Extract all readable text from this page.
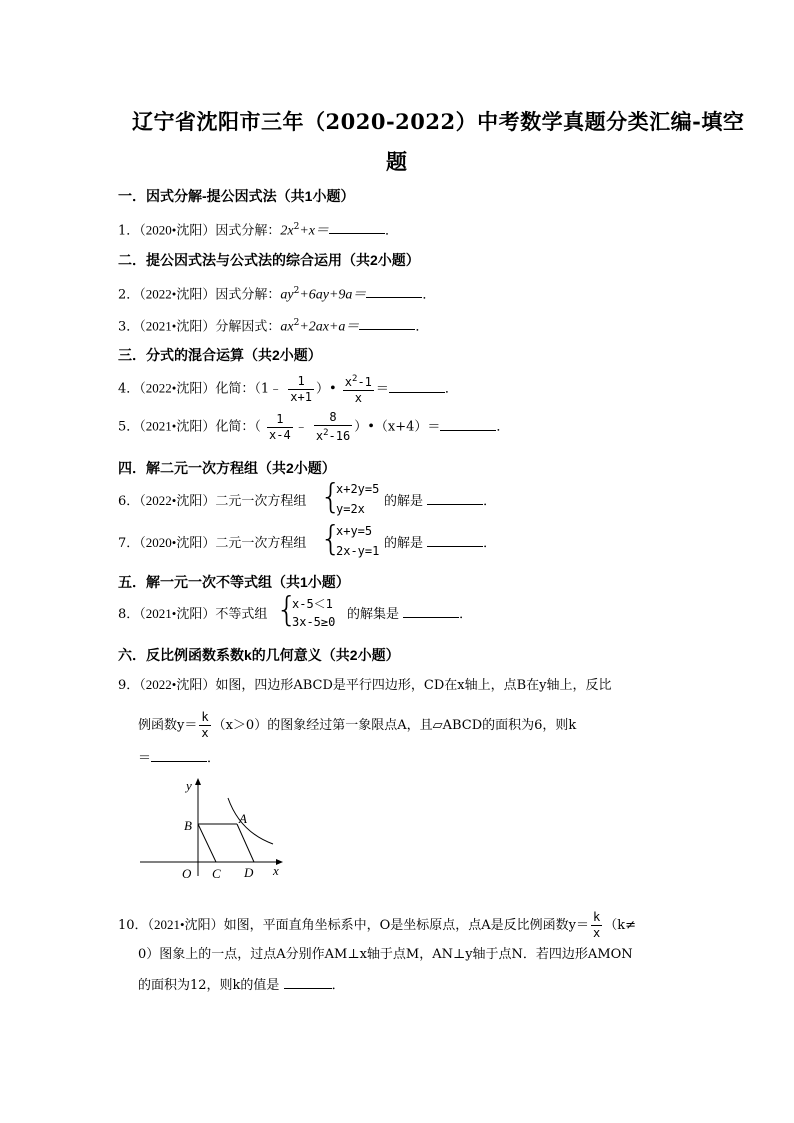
辽宁省沈阳市三年（2020-2022）中考数学真题分类汇编-填空
题
一．因式分解-提公因式法（共1小题）
1．（2020•沈阳）因式分解：$2x^2+x=$	．
二．提公因式法与公式法的综合运用（共2小题）
2．（2022•沈阳）因式分解：$ay^2+6ay+9a=$	．
3．（2021•沈阳）分解因式：$ax^2+2ax+a=$	．
三．分式的混合运算（共2小题）
4．（2022•沈阳）化简：（1﹣ $\frac{1}{x+1}$ ）• $\frac{x^2-1}{x}$ ＝	．
5．（2021•沈阳）化简：（ $\frac{1}{x-4}$ ﹣ $\frac{8}{x^2-16}$ ）•（x+4）＝	．
四．解二元一次方程组（共2小题）
6．（2022•沈阳）二元一次方程组 {
x+2y=5
y=2x 的解是	．
7．（2020•沈阳）二元一次方程组 {
x+y=5
2x-y=1 的解是	．
五．解一元一次不等式组（共1小题）
8．（2021•沈阳）不等式组 {
x-5＜1
3x-5≥0 的解集是	．
六．反比例函数系数k的几何意义（共2小题）
9．（2022•沈阳）如图，四边形ABCD是平行四边形，CD在x轴上，点B在y轴上，反比
例函数$y= \frac{k}{x} (x>0)$的图象经过第一象限点A，且▱ABCD的面积为6，则k
＝	．
y
B	A
O C D x
10．（2021•沈阳）如图，平面直角坐标系中，O是坐标原点，点A是反比例函数$y= \frac{k}{x} (k\ne$
0）图象上的一点，过点A分别作AM⊥x轴于点M，AN⊥y轴于点N．若四边形AMON
的面积为12，则k的值是	．
